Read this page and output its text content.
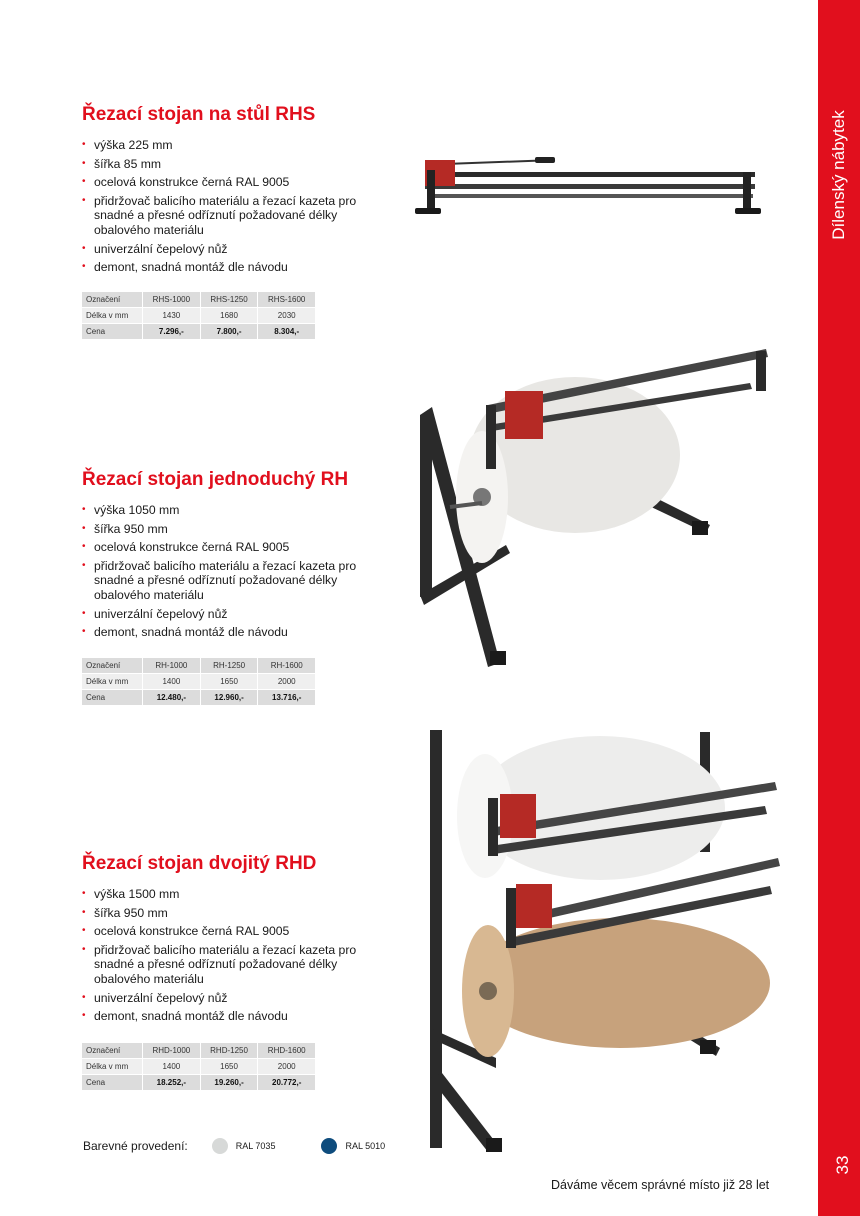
Dílenský nábytek
33
Řezací stojan na stůl RHS
• výška 225 mm
• šířka 85 mm
• ocelová konstrukce černá RAL 9005
• přidržovač balicího materiálu a řezací kazeta pro snadné a přesné odříznutí požadované délky obalového materiálu
• univerzální čepelový nůž
• demont, snadná montáž dle návodu
Označení	RHS-1000	RHS-1250	RHS-1600
Délka v mm	1430	1680	2030
Cena	7.296,-	7.800,-	8.304,-
Řezací stojan jednoduchý RH
• výška 1050 mm
• šířka 950 mm
• ocelová konstrukce černá RAL 9005
• přidržovač balicího materiálu a řezací kazeta pro snadné a přesné odříznutí požadované délky obalového materiálu
• univerzální čepelový nůž
• demont, snadná montáž dle návodu
Označení	RH-1000	RH-1250	RH-1600
Délka v mm	1400	1650	2000
Cena	12.480,-	12.960,-	13.716,-
Řezací stojan dvojitý RHD
• výška 1500 mm
• šířka 950 mm
• ocelová konstrukce černá RAL 9005
• přidržovač balicího materiálu a řezací kazeta pro snadné a přesné odříznutí požadované délky obalového materiálu
• univerzální čepelový nůž
• demont, snadná montáž dle návodu
Označení	RHD-1000	RHD-1250	RHD-1600
Délka v mm	1400	1650	2000
Cena	18.252,-	19.260,-	20.772,-
Barevné provedení:	RAL 7035	RAL 5010
Dáváme věcem správné místo již 28 let
